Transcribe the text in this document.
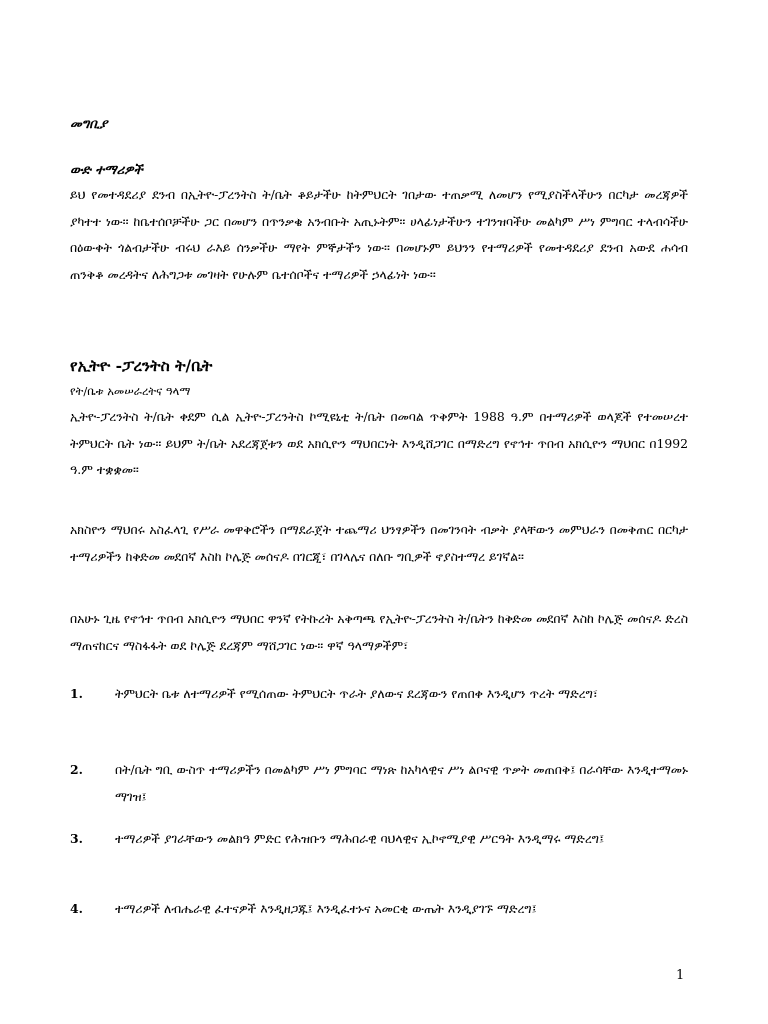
መግቢያ
ውድ ተማሪዎች

ይህ የመተዳደሪያ ደንብ በኢትዮ-ፓረንትስ ት/ቤት ቆይታችሁ ከትምህርት ገበታው ተጠቃሚ ለመሆን የሚያስችላችሁን በርካታ መረጃዎች ያካተተ ነው፡፡ ከቤተሰቦቻችሁ ጋር በመሆን በጥንቃቄ አንብቡት አጢኑትም፡፡ ሀላፊነታችሁን ተገንዝባችሁ መልካም ሥነ ምግባር ተላብሳችሁ በዕውቀት ጎልብታችሁ ብሩህ ራእይ ሰንቃችሁ ማየት ምኞታችን ነው፡፡ በመሆኑም ይህንን የተማሪዎች የመተዳደሪያ ደንብ አውደ ሐሳብ ጠንቅቆ መረዳትና ለሕግጋቱ መገዛት የሁሉም ቤተሰቦችና ተማሪዎች ኃላፊነት ነው፡፡

የኢትዮ -ፓረንትስ ት/ቤት
የት/ቤቱ አመሠራረትና ዓላማ

ኢትዮ-ፓረንትስ ት/ቤት ቀደም ሲል ኢትዮ-ፓረንትስ ኮሚዩኒቲ ት/ቤት በመባል ጥቅምት 1988 ዓ.ም በተማሪዎች ወላጆች የተመሠረተ ትምህርት ቤት ነው፡፡ ይህም ት/ቤት አደረጃጀቱን ወደ አክሲዮን ማህበርነት እንዲሸጋገር በማድረግ የኖኅተ ጥበብ አክሲዮን ማህበር በ1992 ዓ.ም ተቋቋመ፡፡

አክስዮን ማህበሩ አስፈላጊ የሥራ መዋቅሮችን በማደራጀት ተጨማሪ ህንፃዎችን በመገንባት ብቃት ያላቸውን መምህራን በመቅጠር በርካታ ተማሪዎችን ከቅድመ መደበኛ እስከ ኮሌጅ መሰናዶ በገርጂ፣ በገላሌና በለቡ ግቢዎች ኖያስተማረ ይገኛል፡፡

በአሁኑ ጊዜ የኖኅተ ጥበብ አክሲዮን ማህበር ዋንኛ የትኩረት አቅጣጫ የኢትዮ-ፓረንትስ ት/ቤትን ከቅድመ መደበኛ እስከ ኮሌጅ መሰናዶ ድረስ ማጠናከርና ማስፋፋት ወደ ኮሌጅ ደረጃም ማሸጋገር ነው፡፡ ዋኛ ዓላማዎችም፣

1.	ትምህርት ቤቱ ለተማሪዎች የሚሰጠው ትምህርት ጥራት ያለውና ደረጃውን የጠበቀ እንዲሆን ጥረት ማድረግ፣

2.	በት/ቤት ግቢ ውስጥ ተማሪዎችን በመልካም ሥነ ምግባር ማነጽ ከአካላዊና ሥነ ልቦናዊ ጥቃት መጠበቅ፤ በራሳቸው እንዲተማመኑ ማገዝ፤

3.	ተማሪዎች ያገራቸውን መልክዓ ምድር የሕዝቡን ማሕበራዊ ባህላዊና ኢኮኖሚያዊ ሥርዓት እንዲማሩ ማድረግ፤

4.	ተማሪዎች ለብሔራዊ ፈተናዎች እንዲዘጋጁ፤ እንዲፈተኑና አመርቂ ውጤት እንዲያገኙ ማድረግ፤

1
